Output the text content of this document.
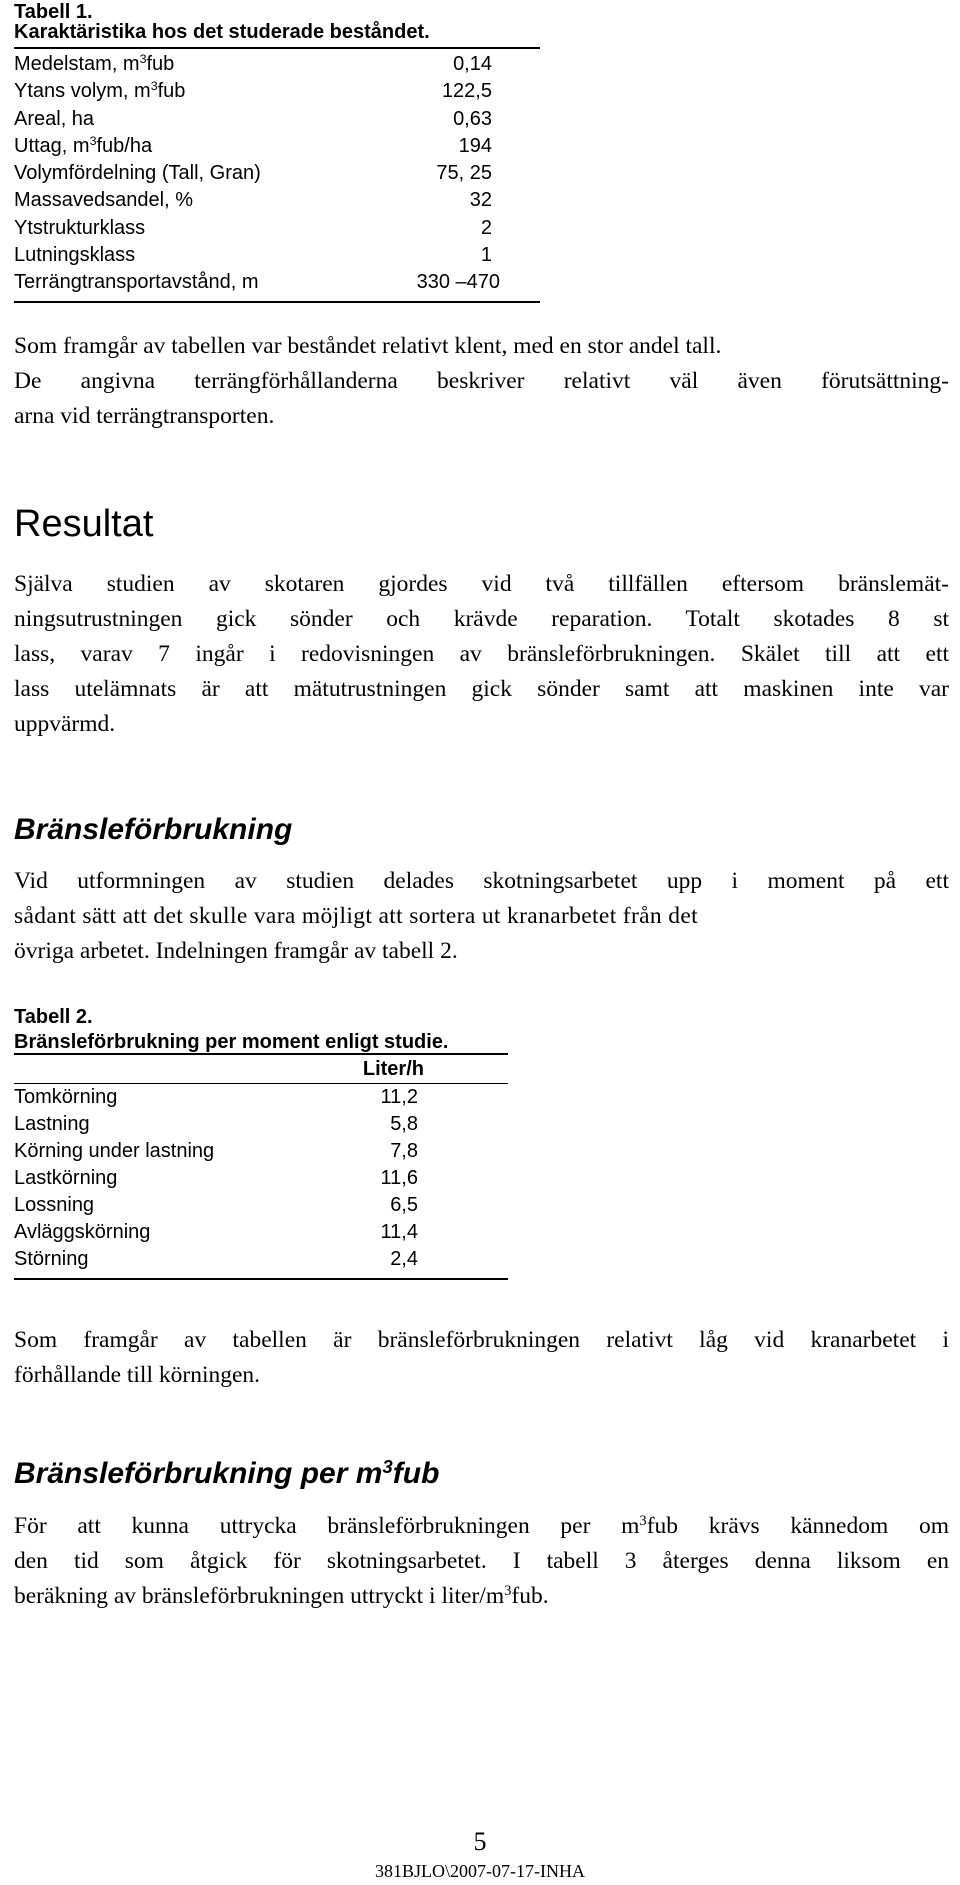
Tabell 1.
Karaktäristika hos det studerade beståndet.
Medelstam, $m^3fub$	0,14
Ytans volym, $m^3fub$	122,5
Areal, ha	0,63
Uttag, $m^3fub/ha$	194
Volymfördelning (Tall, Gran)	75, 25
Massavedsandel, %	32
Ytstrukturklass	2
Lutningsklass	1
Terrängtransportavstånd, m	330 –470
Som framgår av tabellen var beståndet relativt klent, med en stor andel tall.
De angivna terrängförhållanderna beskriver relativt väl även förutsättning-
arna vid terrängtransporten.
Resultat
Själva studien av skotaren gjordes vid två tillfällen eftersom bränslemät-
ningsutrustningen gick sönder och krävde reparation. Totalt skotades 8 st
lass, varav 7 ingår i redovisningen av bränsleförbrukningen. Skälet till att ett
lass utelämnats är att mätutrustningen gick sönder samt att maskinen inte var
uppvärmd.
Bränsleförbrukning
Vid utformningen av studien delades skotningsarbetet upp i moment på ett
sådant sätt att det skulle vara möjligt att sortera ut kranarbetet från det
övriga arbetet. Indelningen framgår av tabell 2.
Tabell 2.
Bränsleförbrukning per moment enligt studie.
Liter/h
Tomkörning	11,2
Lastning	5,8
Körning under lastning	7,8
Lastkörning	11,6
Lossning	6,5
Avläggskörning	11,4
Störning	2,4
Som framgår av tabellen är bränsleförbrukningen relativt låg vid kranarbetet i
förhållande till körningen.
Bränsleförbrukning per $m^3fub$
För att kunna uttrycka bränsleförbrukningen per $m^3fub$ krävs kännedom om
den tid som åtgick för skotningsarbetet. I tabell 3 återges denna liksom en
beräkning av bränsleförbrukningen uttryckt i liter/$m^3fub$.
5
381BJLO\2007-07-17-INHA
